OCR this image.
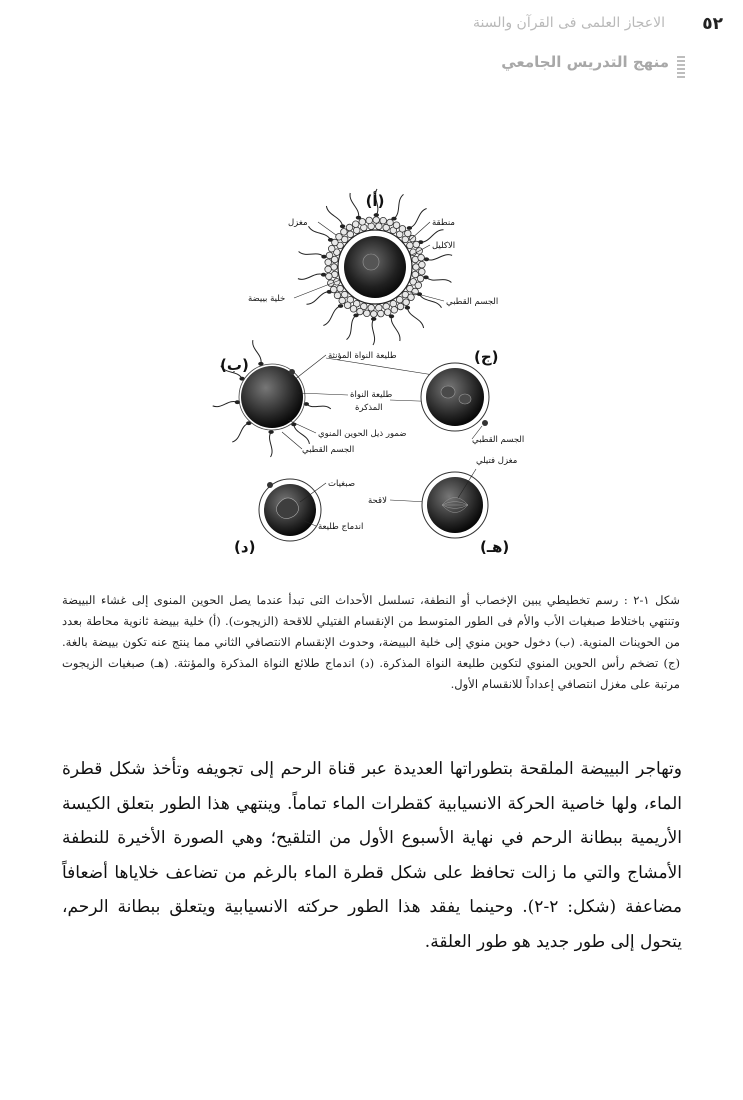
٥٢
الاعجاز العلمى فى القرآن والسنة
منهج التدريس الجامعي
(أ)
مغزل	منطقة
الاكليل
خلية بييضة	الجسم القطبي
(ب)	طليعة النواة المؤنثة
طليعة النواة
المذكرة
ضمور ذيل الحوين المنوي
الجسم القطبي
(ج)
الجسم القطبي
مغزل فتيلي
(د)
صبغيات
لاقحة
اندماج طليعة
(هـ)

شكل ١-٢ : رسم تخطيطي يبين الإخصاب أو النطفة، تسلسل الأحداث التى تبدأ عندما يصل الحوين المنوى إلى غشاء البييضة وتنتهي باختلاط صبغيات الأب والأم فى الطور المتوسط من الإنقسام الفتيلي للاقحة (الزيجوت). (أ) خلية بييضة ثانوية محاطة بعدد من الحوينات المنوية. (ب) دخول حوين منوي إلى خلية البييضة، وحدوث الإنقسام الانتصافي الثاني مما ينتج عنه تكون بييضة بالغة. (ج) تضخم رأس الحوين المنوي لتكوين طليعة النواة المذكرة. (د) اندماج طلائع النواة المذكرة والمؤنثة. (هـ) صبغيات الزيجوت مرتبة على مغزل انتصافي إعداداً للانقسام الأول.

وتهاجر البييضة الملقحة بتطوراتها العديدة عبر قناة الرحم إلى تجويفه وتأخذ شكل قطرة الماء، ولها خاصية الحركة الانسيابية كقطرات الماء تماماً. وينتهي هذا الطور بتعلق الكيسة الأريمية ببطانة الرحم في نهاية الأسبوع الأول من التلقيح؛ وهي الصورة الأخيرة للنطفة الأمشاج والتي ما زالت تحافظ على شكل قطرة الماء بالرغم من تضاعف خلاياها أضعافاً مضاعفة (شكل: ٢-٢). وحينما يفقد هذا الطور حركته الانسيابية ويتعلق ببطانة الرحم، يتحول إلى طور جديد هو طور العلقة.
